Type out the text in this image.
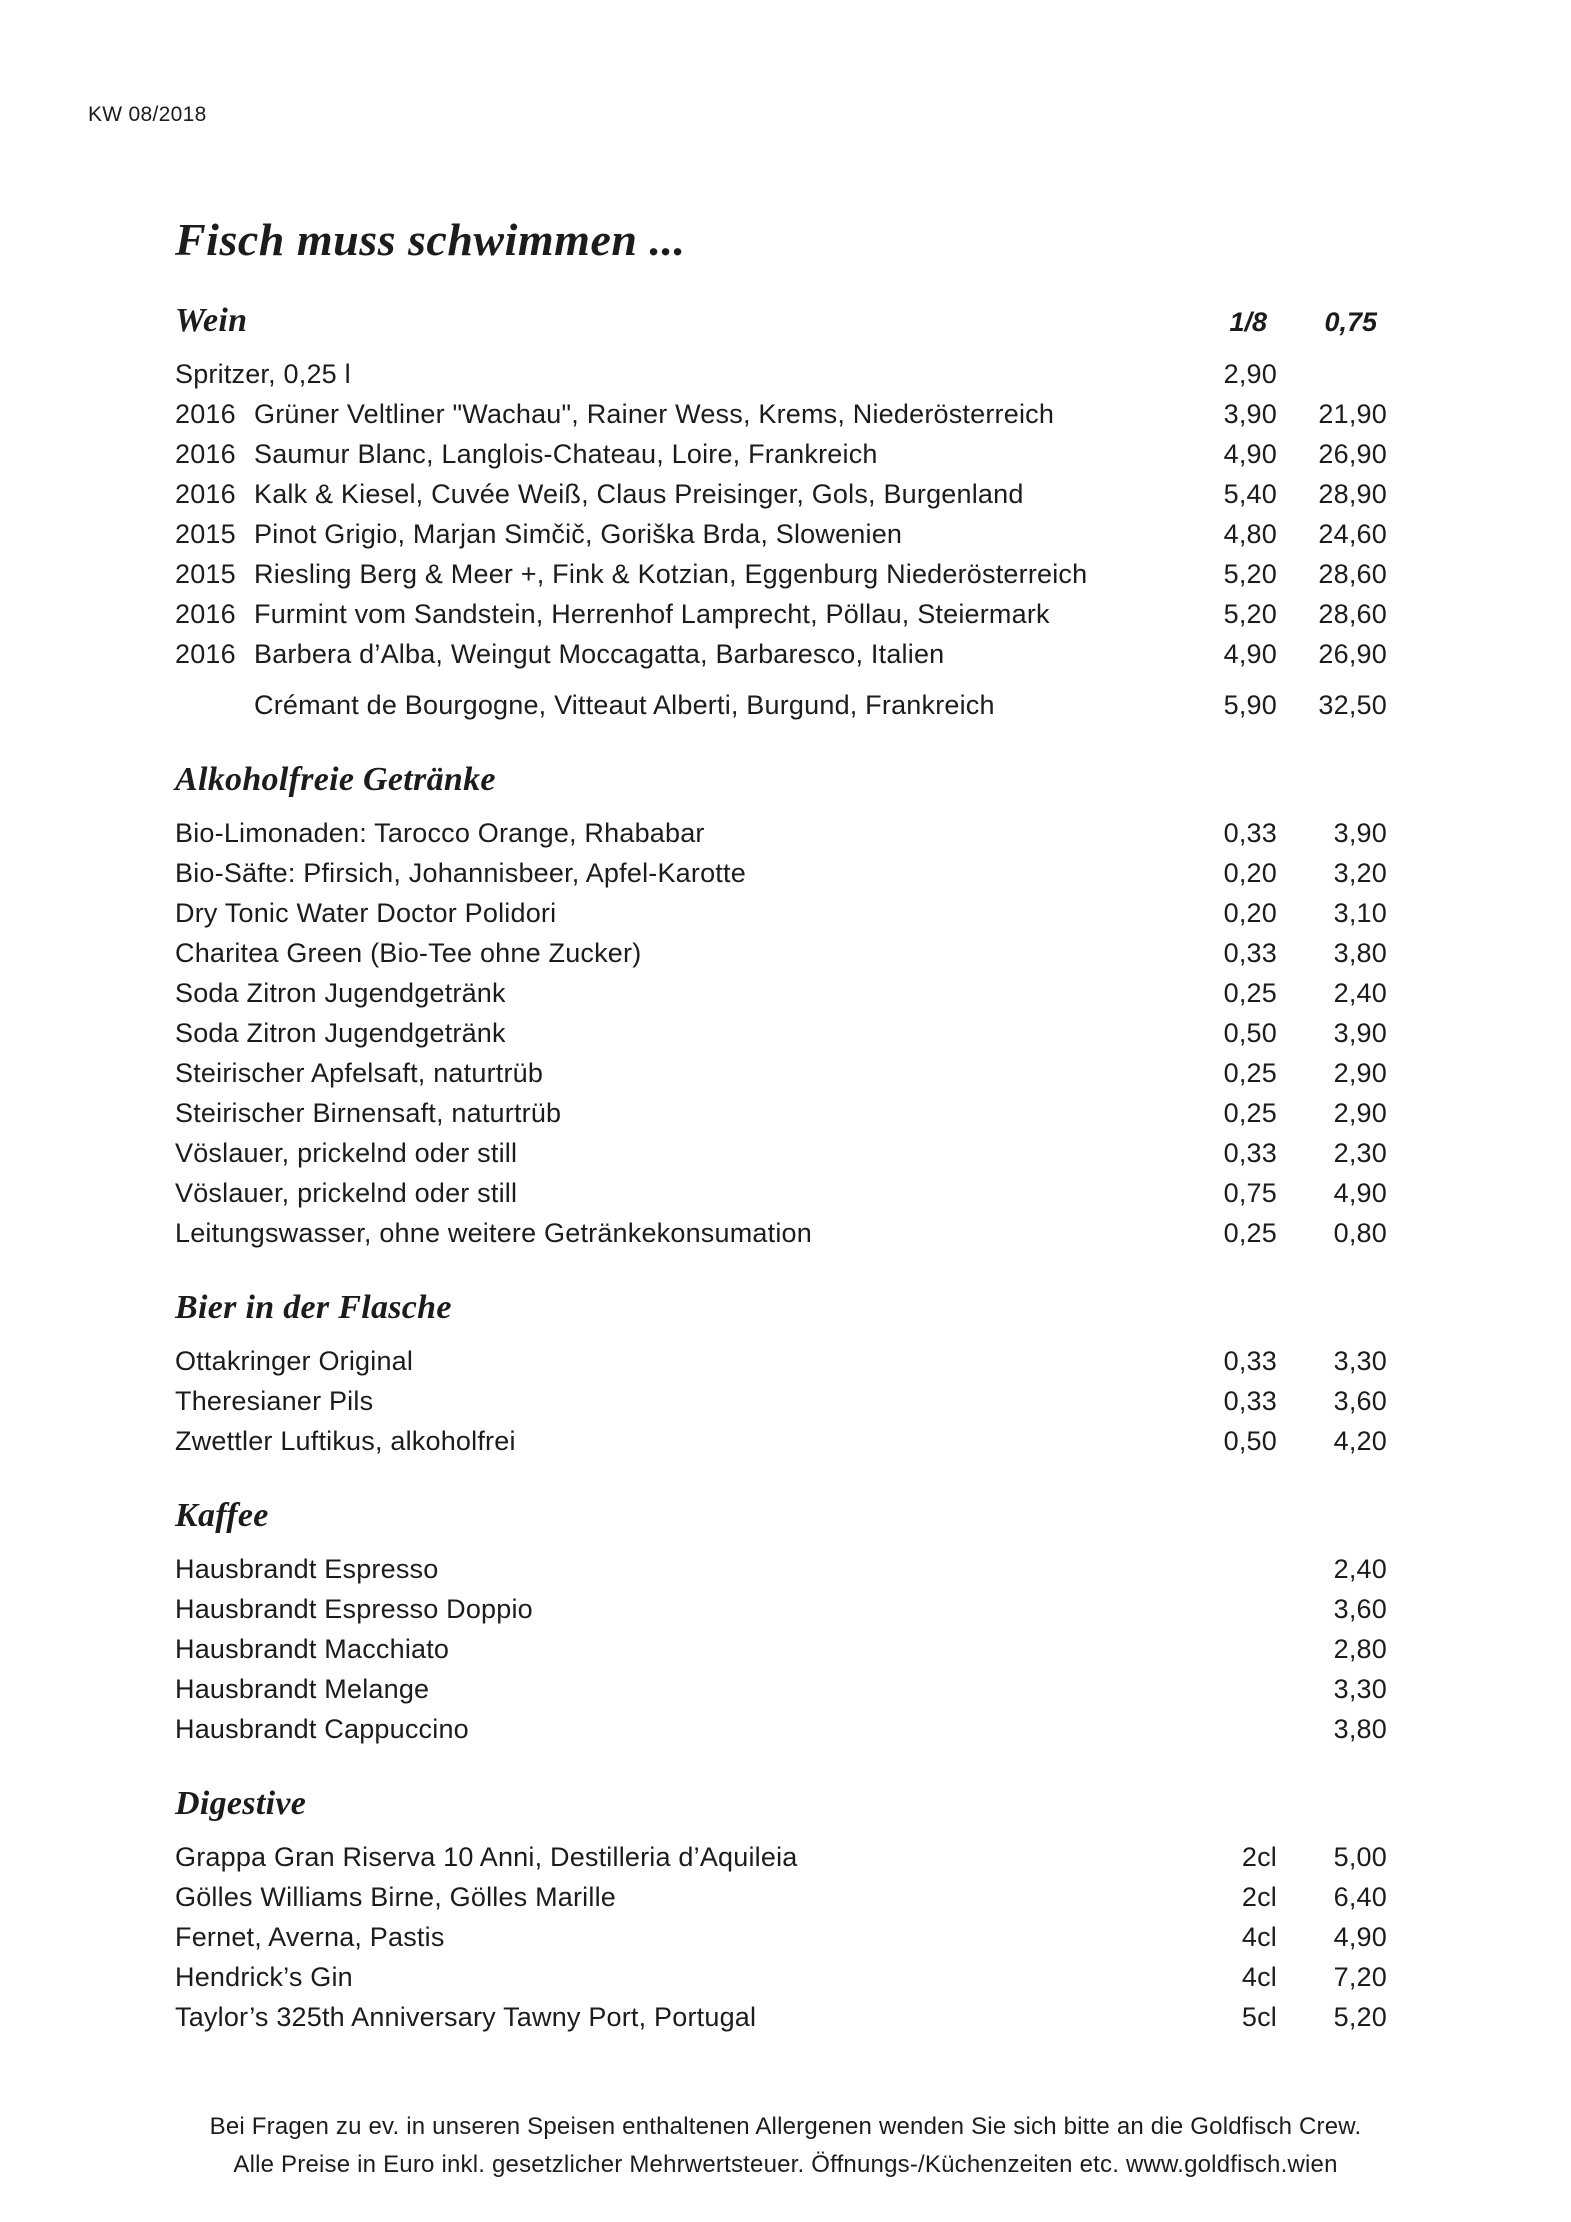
KW 08/2018
Fisch muss schwimmen ...
Wein	1/8	0,75
Spritzer, 0,25 l	2,90
2016 Grüner Veltliner "Wachau", Rainer Wess, Krems, Niederösterreich	3,90	21,90
2016 Saumur Blanc, Langlois-Chateau, Loire, Frankreich	4,90	26,90
2016 Kalk & Kiesel, Cuvée Weiß, Claus Preisinger, Gols, Burgenland	5,40	28,90
2015 Pinot Grigio, Marjan Simčič, Goriška Brda, Slowenien	4,80	24,60
2015 Riesling Berg & Meer +, Fink & Kotzian, Eggenburg Niederösterreich	5,20	28,60
2016 Furmint vom Sandstein, Herrenhof Lamprecht, Pöllau, Steiermark	5,20	28,60
2016 Barbera d’Alba, Weingut Moccagatta, Barbaresco, Italien	4,90	26,90
Crémant de Bourgogne, Vitteaut Alberti, Burgund, Frankreich	5,90	32,50
Alkoholfreie Getränke
Bio-Limonaden: Tarocco Orange, Rhababar	0,33	3,90
Bio-Säfte: Pfirsich, Johannisbeer, Apfel-Karotte	0,20	3,20
Dry Tonic Water Doctor Polidori	0,20	3,10
Charitea Green (Bio-Tee ohne Zucker)	0,33	3,80
Soda Zitron Jugendgetränk	0,25	2,40
Soda Zitron Jugendgetränk	0,50	3,90
Steirischer Apfelsaft, naturtrüb	0,25	2,90
Steirischer Birnensaft, naturtrüb	0,25	2,90
Vöslauer, prickelnd oder still	0,33	2,30
Vöslauer, prickelnd oder still	0,75	4,90
Leitungswasser, ohne weitere Getränkekonsumation	0,25	0,80
Bier in der Flasche
Ottakringer Original	0,33	3,30
Theresianer Pils	0,33	3,60
Zwettler Luftikus, alkoholfrei	0,50	4,20
Kaffee
Hausbrandt Espresso	2,40
Hausbrandt Espresso Doppio	3,60
Hausbrandt Macchiato	2,80
Hausbrandt Melange	3,30
Hausbrandt Cappuccino	3,80
Digestive
Grappa Gran Riserva 10 Anni, Destilleria d’Aquileia	2cl	5,00
Gölles Williams Birne, Gölles Marille	2cl	6,40
Fernet, Averna, Pastis	4cl	4,90
Hendrick’s Gin	4cl	7,20
Taylor’s 325th Anniversary Tawny Port, Portugal	5cl	5,20
Bei Fragen zu ev. in unseren Speisen enthaltenen Allergenen wenden Sie sich bitte an die Goldfisch Crew.
Alle Preise in Euro inkl. gesetzlicher Mehrwertsteuer. Öffnungs-/Küchenzeiten etc. www.goldfisch.wien
